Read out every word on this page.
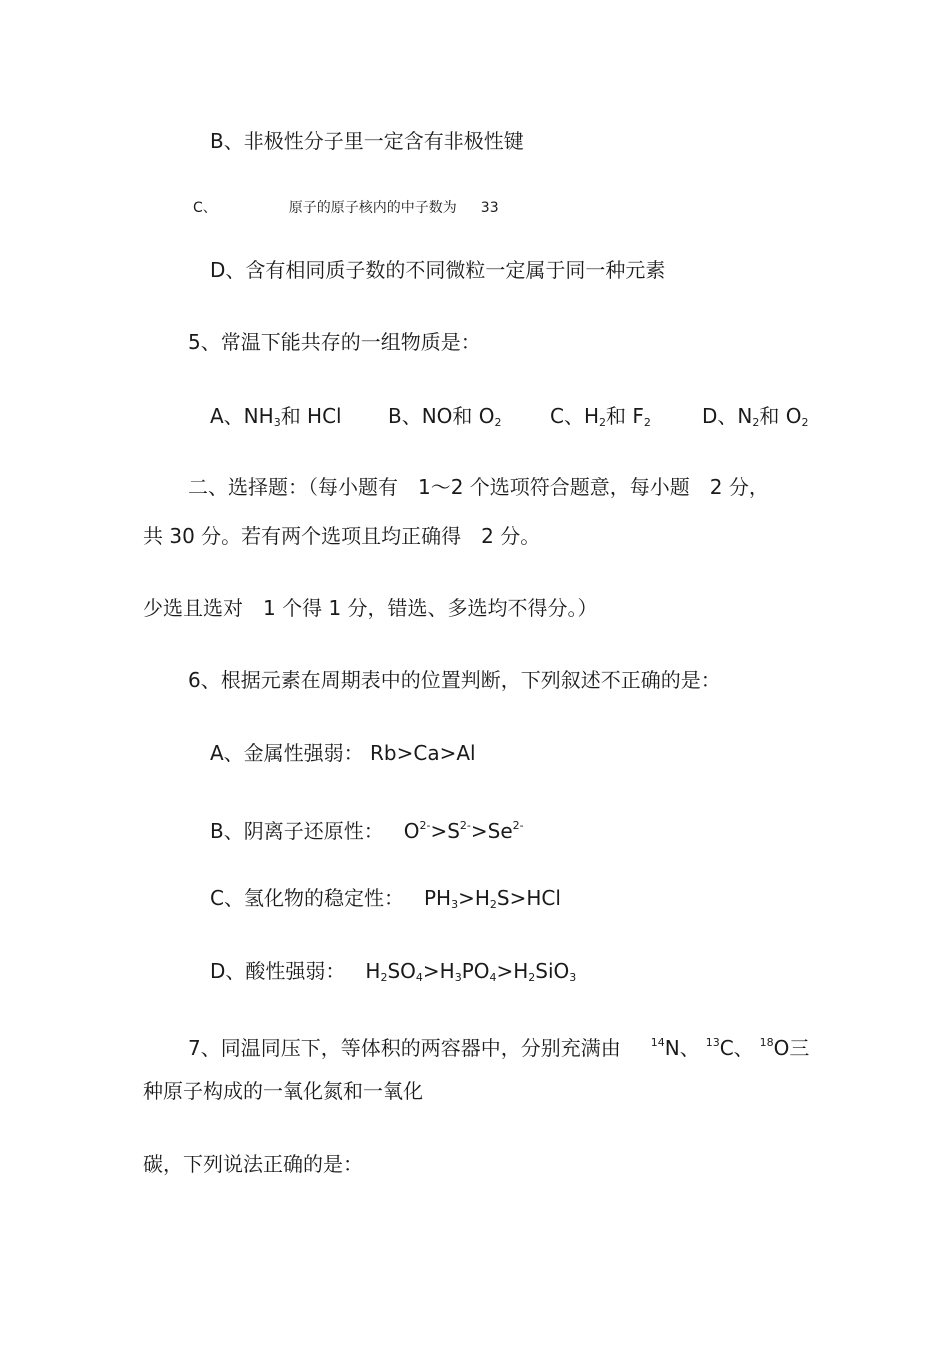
B、非极性分子里一定含有非极性键
C、	原子的原子核内的中子数为 33
D、含有相同质子数的不同微粒一定属于同一种元素
5、常温下能共存的一组物质是：
A、$NH_3$和 HCl B、NO和 $O_2$ C、$H_2$和 $F_2$	D、$N_2$和 $O_2$
二、选择题：（每小题有　1～2 个选项符合题意，每小题　2 分，
共 30 分。若有两个选项且均正确得　2 分。
少选且选对　1 个得 1 分，错选、多选均不得分。）
6、根据元素在周期表中的位置判断，下列叙述不正确的是：
A、金属性强弱： Rb>Ca>Al
B、阴离子还原性： $O^{2-}>S^{2-}>Se^{2-}$
C、氢化物的稳定性： $PH_3>H_2S>HCl$
D、酸性强弱： $H_2SO_4>H_3PO_4>H_2SiO_3$
7、同温同压下，等体积的两容器中，分别充满由	$^{14}$N、 $^{13}$C、 $^{18}$O三
种原子构成的一氧化氮和一氧化
碳，下列说法正确的是：
